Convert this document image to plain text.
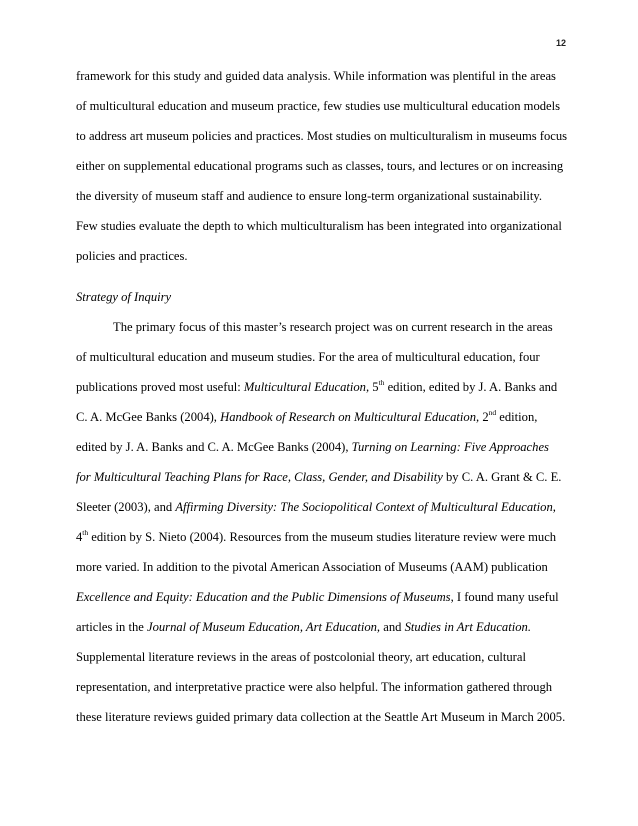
12
framework for this study and guided data analysis. While information was plentiful in the areas
of multicultural education and museum practice, few studies use multicultural education models
to address art museum policies and practices. Most studies on multiculturalism in museums focus
either on supplemental educational programs such as classes, tours, and lectures or on increasing
the diversity of museum staff and audience to ensure long-term organizational sustainability.
Few studies evaluate the depth to which multiculturalism has been integrated into organizational
policies and practices.
Strategy of Inquiry
The primary focus of this master’s research project was on current research in the areas
of multicultural education and museum studies. For the area of multicultural education, four
publications proved most useful: Multicultural Education, 5th edition, edited by J. A. Banks and
C. A. McGee Banks (2004), Handbook of Research on Multicultural Education, 2nd edition,
edited by J. A. Banks and C. A. McGee Banks (2004), Turning on Learning: Five Approaches
for Multicultural Teaching Plans for Race, Class, Gender, and Disability by C. A. Grant & C. E.
Sleeter (2003), and Affirming Diversity: The Sociopolitical Context of Multicultural Education,
4th edition by S. Nieto (2004). Resources from the museum studies literature review were much
more varied. In addition to the pivotal American Association of Museums (AAM) publication
Excellence and Equity: Education and the Public Dimensions of Museums, I found many useful
articles in the Journal of Museum Education, Art Education, and Studies in Art Education.
Supplemental literature reviews in the areas of postcolonial theory, art education, cultural
representation, and interpretative practice were also helpful. The information gathered through
these literature reviews guided primary data collection at the Seattle Art Museum in March 2005.
